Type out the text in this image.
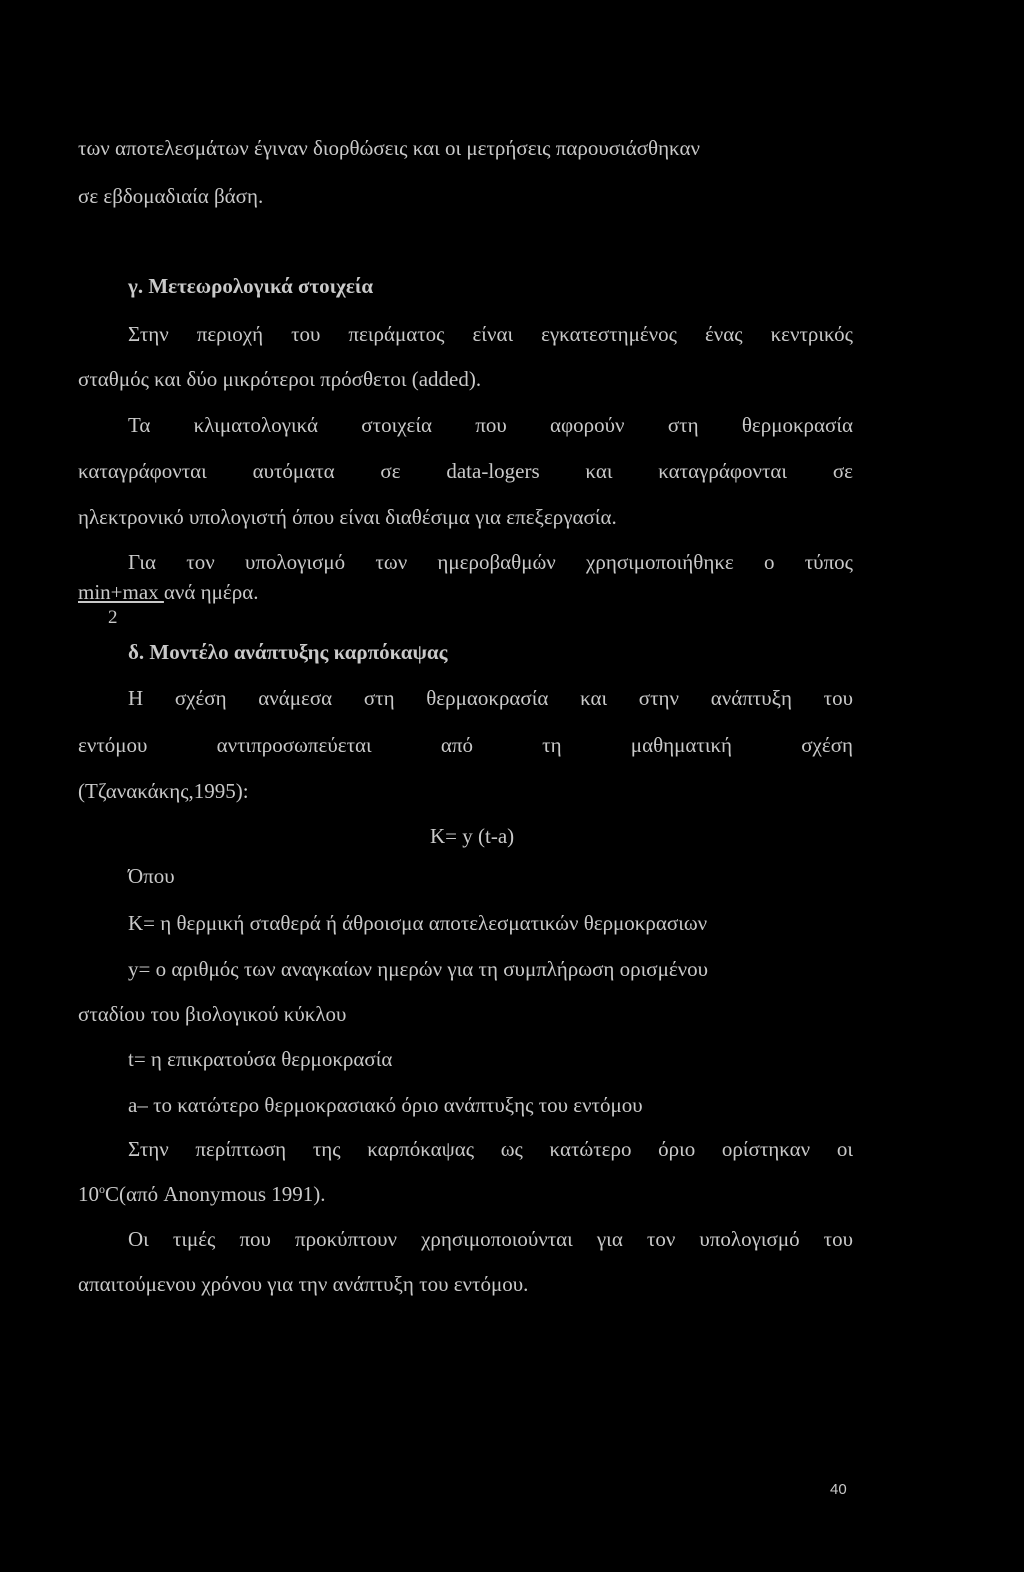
των αποτελεσμάτων έγιναν διορθώσεις και οι μετρήσεις παρουσιάσθηκαν
σε εβδομαδιαία βάση.
γ. Μετεωρολογικά στοιχεία
Στην περιοχή του πειράματος είναι εγκατεστημένος ένας κεντρικός
σταθμός και δύο μικρότεροι πρόσθετοι (added).
Τα κλιματολογικά στοιχεία που αφορούν στη θερμοκρασία
καταγράφονται αυτόματα σε data-logers και καταγράφονται σε
ηλεκτρονικό υπολογιστή όπου είναι διαθέσιμα για επεξεργασία.
Για τον υπολογισμό των ημεροβαθμών χρησιμοποιήθηκε ο τύπος
min+max ανά ημέρα.
2
δ. Μοντέλο ανάπτυξης καρπόκαψας
Η σχέση ανάμεσα στη θερμαοκρασία και στην ανάπτυξη του
εντόμου αντιπροσωπεύεται από τη μαθηματική σχέση
(Τζανακάκης,1995):
K= y (t-a)
Όπου
K= η θερμική σταθερά ή άθροισμα αποτελεσματικών θερμοκρασιων
y= ο αριθμός των αναγκαίων ημερών για τη συμπλήρωση ορισμένου
σταδίου του βιολογικού κύκλου
t= η επικρατούσα θερμοκρασία
a– το κατώτερο θερμοκρασιακό όριο ανάπτυξης του εντόμου
Στην περίπτωση της καρπόκαψας ως κατώτερο όριο ορίστηκαν οι
10$^o$C(από Anonymous 1991).
Οι τιμές που προκύπτουν χρησιμοποιούνται για τον υπολογισμό του
απαιτούμενου χρόνου για την ανάπτυξη του εντόμου.
40
